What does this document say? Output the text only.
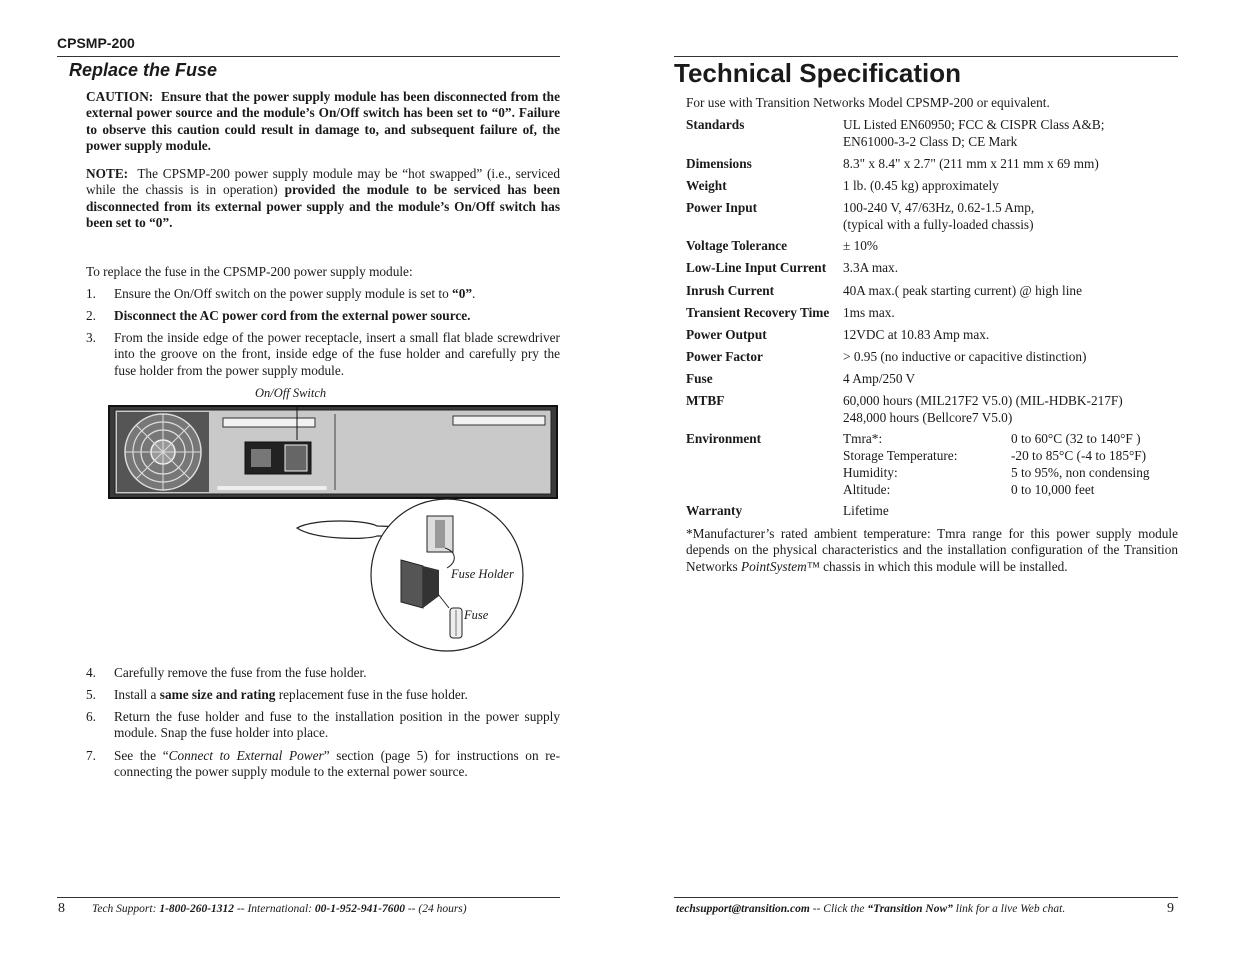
CPSMP-200
Replace the Fuse
CAUTION: Ensure that the power supply module has been disconnected from the external power source and the module’s On/Off switch has been set to “0”. Failure to observe this caution could result in damage to, and subsequent failure of, the power supply module.
NOTE: The CPSMP-200 power supply module may be “hot swapped” (i.e., serviced while the chassis is in operation) provided the module to be serviced has been disconnected from its external power supply and the module’s On/Off switch has been set to “0”.
To replace the fuse in the CPSMP-200 power supply module:
1. Ensure the On/Off switch on the power supply module is set to “0”.
2. Disconnect the AC power cord from the external power source.
3. From the inside edge of the power receptacle, insert a small flat blade screwdriver into the groove on the front, inside edge of the fuse holder and carefully pry the fuse holder from the power supply module.
On/Off Switch
Fuse Holder
Fuse
4. Carefully remove the fuse from the fuse holder.
5. Install a same size and rating replacement fuse in the fuse holder.
6. Return the fuse holder and fuse to the installation position in the power supply module. Snap the fuse holder into place.
7. See the “Connect to External Power” section (page 5) for instructions on re-connecting the power supply module to the external power source.
8 Tech Support: 1-800-260-1312 -- International: 00-1-952-941-7600 -- (24 hours)
Technical Specification
For use with Transition Networks Model CPSMP-200 or equivalent.
Standards	UL Listed EN60950; FCC & CISPR Class A&B;
EN61000-3-2 Class D; CE Mark
Dimensions	8.3" x 8.4" x 2.7" (211 mm x 211 mm x 69 mm)
Weight	1 lb. (0.45 kg) approximately
Power Input	100-240 V, 47/63Hz, 0.62-1.5 Amp,
(typical with a fully-loaded chassis)
Voltage Tolerance	± 10%
Low-Line Input Current 3.3A max.
Inrush Current	40A max.( peak starting current) @ high line
Transient Recovery Time 1ms max.
Power Output	12VDC at 10.83 Amp max.
Power Factor	> 0.95 (no inductive or capacitive distinction)
Fuse	4 Amp/250 V
MTBF	60,000 hours (MIL217F2 V5.0) (MIL-HDBK-217F)
248,000 hours (Bellcore7 V5.0)
Environment	Tmra*:	0 to 60°C (32 to 140°F )
Storage Temperature:	-20 to 85°C (-4 to 185°F)
Humidity:	5 to 95%, non condensing
Altitude:	0 to 10,000 feet
Warranty	Lifetime
*Manufacturer’s rated ambient temperature: Tmra range for this power supply module depends on the physical characteristics and the installation configuration of the Transition Networks PointSystem™ chassis in which this module will be installed.
techsupport@transition.com -- Click the “Transition Now” link for a live Web chat.	9
